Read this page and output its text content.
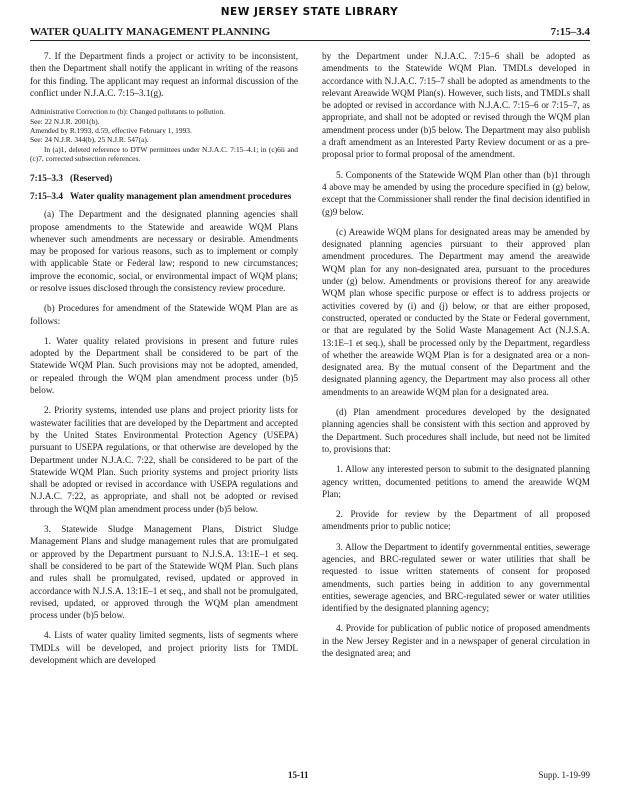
NEW JERSEY STATE LIBRARY
WATER QUALITY MANAGEMENT PLANNING	7:15–3.4

7. If the Department finds a project or activity to be inconsistent, then the Department shall notify the applicant in writing of the reasons for this finding. The applicant may request an informal discussion of the conflict under N.J.A.C. 7:15–3.1(g).

Administrative Correction to (b): Changed pollutants to pollution.
See: 22 N.J.R. 2001(b).
Amended by R.1993, d.59, effective February 1, 1993.
See: 24 N.J.R. 344(b), 25 N.J.R. 547(a).
In (a)1, deleted reference to DTW permittees under N.J.A.C. 7:15–4.1; in (c)6ii and (c)7, corrected subsection references.
7:15–3.3 (Reserved)
7:15–3.4 Water quality management plan amendment procedures

(a) The Department and the designated planning agencies shall propose amendments to the Statewide and areawide WQM Plans whenever such amendments are necessary or desirable. Amendments may be proposed for various reasons, such as to implement or comply with applicable State or Federal law; respond to new circumstances; improve the economic, social, or environmental impact of WQM plans; or resolve issues disclosed through the consistency review procedure.

(b) Procedures for amendment of the Statewide WQM Plan are as follows:

1. Water quality related provisions in present and future rules adopted by the Department shall be considered to be part of the Statewide WQM Plan. Such provisions may not be adopted, amended, or repealed through the WQM plan amendment process under (b)5 below.

2. Priority systems, intended use plans and project priority lists for wastewater facilities that are developed by the Department and accepted by the United States Environmental Protection Agency (USEPA) pursuant to USEPA regulations, or that otherwise are developed by the Department under N.J.A.C. 7:22, shall be considered to be part of the Statewide WQM Plan. Such priority systems and project priority lists shall be adopted or revised in accordance with USEPA regulations and N.J.A.C. 7:22, as appropriate, and shall not be adopted or revised through the WQM plan amendment process under (b)5 below.

3. Statewide Sludge Management Plans, District Sludge Management Plans and sludge management rules that are promulgated or approved by the Department pursuant to N.J.S.A. 13:1E–1 et seq. shall be considered to be part of the Statewide WQM Plan. Such plans and rules shall be promulgated, revised, updated or approved in accordance with N.J.S.A. 13:1E–1 et seq., and shall not be promulgated, revised, updated, or approved through the WQM plan amendment process under (b)5 below.

4. Lists of water quality limited segments, lists of segments where TMDLs will be developed, and project priority lists for TMDL development which are developed

by the Department under N.J.A.C. 7:15–6 shall be adopted as amendments to the Statewide WQM Plan. TMDLs developed in accordance with N.J.A.C. 7:15–7 shall be adopted as amendments to the relevant Areawide WQM Plan(s). However, such lists, and TMDLs shall be adopted or revised in accordance with N.J.A.C. 7:15–6 or 7:15–7, as appropriate, and shall not be adopted or revised through the WQM plan amendment process under (b)5 below. The Department may also publish a draft amendment as an Interested Party Review document or as a pre-proposal prior to formal proposal of the amendment.

5. Components of the Statewide WQM Plan other than (b)1 through 4 above may be amended by using the procedure specified in (g) below, except that the Commissioner shall render the final decision identified in (g)9 below.

(c) Areawide WQM plans for designated areas may be amended by designated planning agencies pursuant to their approved plan amendment procedures. The Department may amend the areawide WQM plan for any non-designated area, pursuant to the procedures under (g) below. Amendments or provisions thereof for any areawide WQM plan whose specific purpose or effect is to address projects or activities covered by (i) and (j) below, or that are either proposed, constructed, operated or conducted by the State or Federal government, or that are regulated by the Solid Waste Management Act (N.J.S.A. 13:1E–1 et seq.), shall be processed only by the Department, regardless of whether the areawide WQM Plan is for a designated area or a non-designated area. By the mutual consent of the Department and the designated planning agency, the Department may also process all other amendments to an areawide WQM plan for a designated area.

(d) Plan amendment procedures developed by the designated planning agencies shall be consistent with this section and approved by the Department. Such procedures shall include, but need not be limited to, provisions that:

1. Allow any interested person to submit to the designated planning agency written, documented petitions to amend the areawide WQM Plan;

2. Provide for review by the Department of all proposed amendments prior to public notice;

3. Allow the Department to identify governmental entities, sewerage agencies, and BRC-regulated sewer or water utilities that shall be requested to issue written statements of consent for proposed amendments, such parties being in addition to any governmental entities, sewerage agencies, and BRC-regulated sewer or water utilities identified by the designated planning agency;

4. Provide for publication of public notice of proposed amendments in the New Jersey Register and in a newspaper of general circulation in the designated area; and

15-11	Supp. 1-19-99
